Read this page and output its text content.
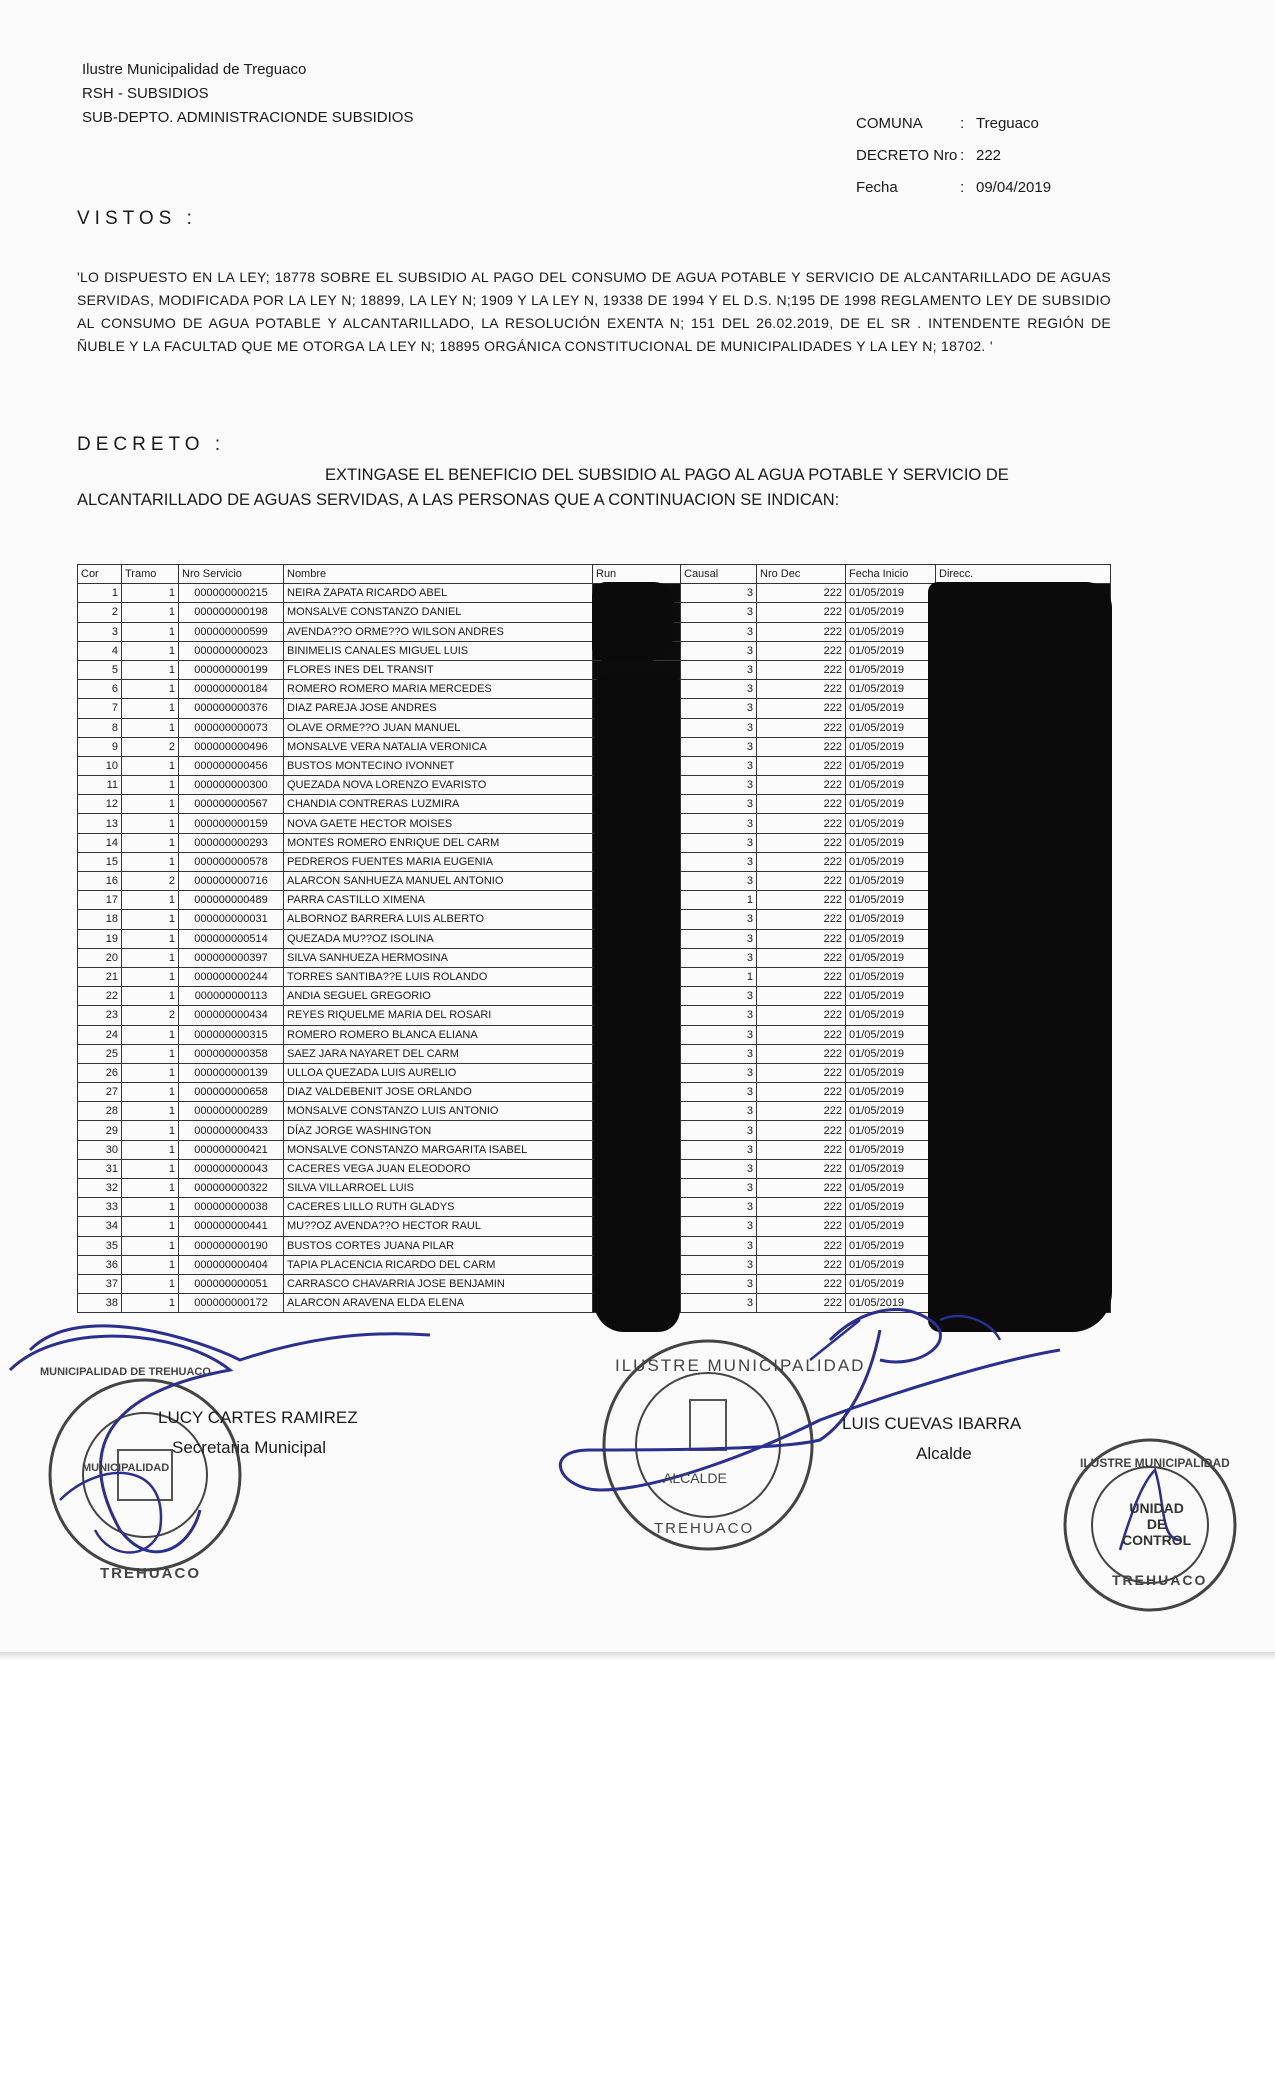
Ilustre Municipalidad de Treguaco
RSH - SUBSIDIOS
SUB-DEPTO. ADMINISTRACIONDE SUBSIDIOS	COMUNA : Treguaco
DECRETO Nro : 222
Fecha	: 09/04/2019
VISTOS :
'LO DISPUESTO EN LA LEY; 18778 SOBRE EL SUBSIDIO AL PAGO DEL CONSUMO DE AGUA POTABLE Y SERVICIO DE ALCANTARILLADO DE AGUAS SERVIDAS, MODIFICADA POR LA LEY N; 18899, LA LEY N; 1909 Y LA LEY N, 19338 DE 1994 Y EL D.S. N;195 DE 1998 REGLAMENTO LEY DE SUBSIDIO AL CONSUMO DE AGUA POTABLE Y ALCANTARILLADO, LA RESOLUCIÓN EXENTA N; 151 DEL 26.02.2019, DE EL SR . INTENDENTE REGIÓN DE ÑUBLE Y LA FACULTAD QUE ME OTORGA LA LEY N; 18895 ORGÁNICA CONSTITUCIONAL DE MUNICIPALIDADES Y LA LEY N; 18702. '
DECRETO :
EXTINGASE EL BENEFICIO DEL SUBSIDIO AL PAGO AL AGUA POTABLE Y SERVICIO DE
ALCANTARILLADO DE AGUAS SERVIDAS, A LAS PERSONAS QUE A CONTINUACION SE INDICAN:
Cor	Tramo	Nro Servicio	Nombre	Run	Causal	Nro Dec	Fecha Inicio	Direcc.
1	1	000000000215	NEIRA ZAPATA RICARDO ABEL		3	222	01/05/2019	
2	1	000000000198	MONSALVE CONSTANZO DANIEL		3	222	01/05/2019	
3	1	000000000599	AVENDA??O ORME??O WILSON ANDRES		3	222	01/05/2019	
4	1	000000000023	BINIMELIS CANALES MIGUEL LUIS		3	222	01/05/2019	
5	1	000000000199	FLORES INES DEL TRANSIT		3	222	01/05/2019	
6	1	000000000184	ROMERO ROMERO MARIA MERCEDES		3	222	01/05/2019	
7	1	000000000376	DIAZ PAREJA JOSE ANDRES		3	222	01/05/2019	
8	1	000000000073	OLAVE ORME??O JUAN MANUEL		3	222	01/05/2019	
9	2	000000000496	MONSALVE VERA NATALIA VERONICA		3	222	01/05/2019	
10	1	000000000456	BUSTOS MONTECINO IVONNET		3	222	01/05/2019	
11	1	000000000300	QUEZADA NOVA LORENZO EVARISTO		3	222	01/05/2019	
12	1	000000000567	CHANDIA CONTRERAS LUZMIRA		3	222	01/05/2019	
13	1	000000000159	NOVA GAETE HECTOR MOISES		3	222	01/05/2019	
14	1	000000000293	MONTES ROMERO ENRIQUE DEL CARM		3	222	01/05/2019	
15	1	000000000578	PEDREROS FUENTES MARIA EUGENIA		3	222	01/05/2019	
16	2	000000000716	ALARCON SANHUEZA MANUEL ANTONIO		3	222	01/05/2019	
17	1	000000000489	PARRA CASTILLO XIMENA		1	222	01/05/2019	
18	1	000000000031	ALBORNOZ BARRERA LUIS ALBERTO		3	222	01/05/2019	
19	1	000000000514	QUEZADA MU??OZ ISOLINA		3	222	01/05/2019	
20	1	000000000397	SILVA SANHUEZA HERMOSINA		3	222	01/05/2019	
21	1	000000000244	TORRES SANTIBA??E LUIS ROLANDO		1	222	01/05/2019	
22	1	000000000113	ANDIA SEGUEL GREGORIO		3	222	01/05/2019	
23	2	000000000434	REYES RIQUELME MARIA DEL ROSARI		3	222	01/05/2019	
24	1	000000000315	ROMERO ROMERO BLANCA ELIANA		3	222	01/05/2019	
25	1	000000000358	SAEZ JARA NAYARET DEL CARM		3	222	01/05/2019	
26	1	000000000139	ULLOA QUEZADA LUIS AURELIO		3	222	01/05/2019	
27	1	000000000658	DIAZ VALDEBENIT JOSE ORLANDO		3	222	01/05/2019	
28	1	000000000289	MONSALVE CONSTANZO LUIS ANTONIO		3	222	01/05/2019	
29	1	000000000433	DÍAZ JORGE WASHINGTON		3	222	01/05/2019	
30	1	000000000421	MONSALVE CONSTANZO MARGARITA ISABEL		3	222	01/05/2019	
31	1	000000000043	CACERES VEGA JUAN ELEODORO		3	222	01/05/2019	
32	1	000000000322	SILVA VILLARROEL LUIS		3	222	01/05/2019	
33	1	000000000038	CACERES LILLO RUTH GLADYS		3	222	01/05/2019	
34	1	000000000441	MU??OZ AVENDA??O HECTOR RAUL		3	222	01/05/2019	
35	1	000000000190	BUSTOS CORTES JUANA PILAR		3	222	01/05/2019	
36	1	000000000404	TAPIA PLACENCIA RICARDO DEL CARM		3	222	01/05/2019	
37	1	000000000051	CARRASCO CHAVARRIA JOSE BENJAMIN		3	222	01/05/2019	
38	1	000000000172	ALARCON ARAVENA ELDA ELENA		3	222	01/05/2019	
MUNICIPALIDAD
TREHUACO
MUNICIPALIDAD DE TREHUACO	ILUSTRE MUNICIPALIDAD
ALCALDE
TREHUACO
ILUSTRE MUNICIPALIDAD
UNIDAD
DE
CONTROL
TREHUACO
LUCY CARTES RAMIREZ
Secretaria Municipal
LUIS CUEVAS IBARRA
Alcalde
